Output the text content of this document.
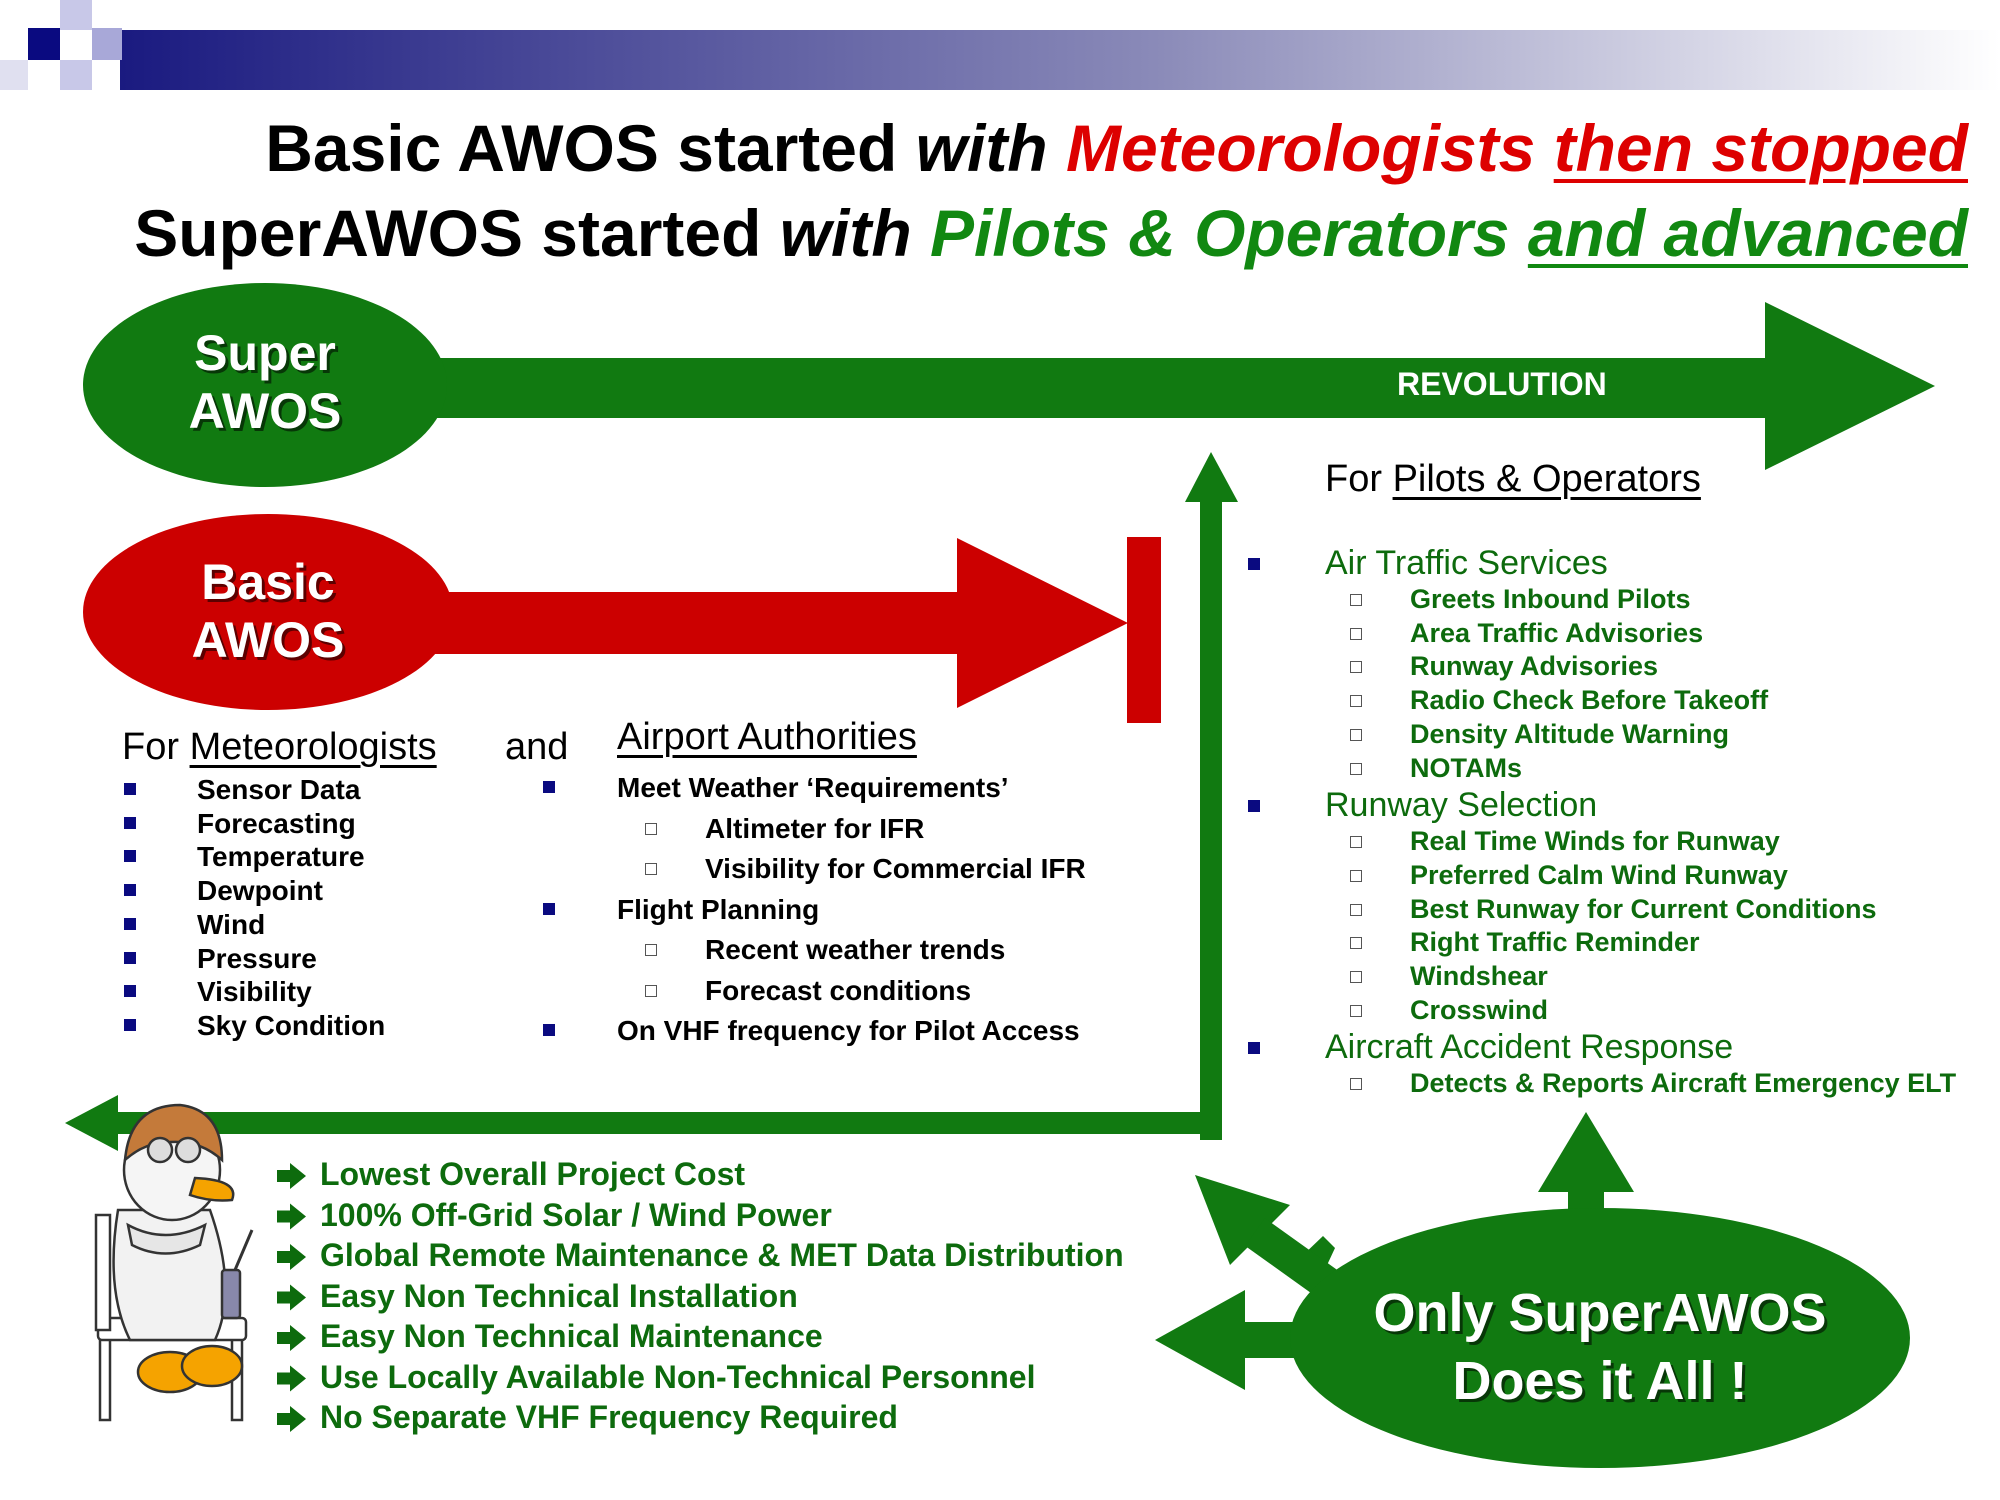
Basic AWOS started with Meteorologists then stopped
SuperAWOS started with Pilots & Operators and advanced
Super
AWOS	REVOLUTION
Basic
AWOS
For Meteorologists and
Sensor Data
Forecasting
Temperature
Dewpoint
Wind
Pressure
Visibility
Sky Condition
Airport Authorities
Meet Weather ‘Requirements’
Altimeter for IFR
Visibility for Commercial IFR
Flight Planning
Recent weather trends
Forecast conditions
On VHF frequency for Pilot Access
For Pilots & Operators
Air Traffic Services
Greets Inbound Pilots
Area Traffic Advisories
Runway Advisories
Radio Check Before Takeoff
Density Altitude Warning
NOTAMs
Runway Selection
Real Time Winds for Runway
Preferred Calm Wind Runway
Best Runway for Current Conditions
Right Traffic Reminder
Windshear
Crosswind
Aircraft Accident Response
Detects & Reports Aircraft Emergency ELT
Lowest Overall Project Cost
100% Off-Grid Solar / Wind Power
Global Remote Maintenance & MET Data Distribution
Easy Non Technical Installation
Easy Non Technical Maintenance
Use Locally Available Non-Technical Personnel
No Separate VHF Frequency Required
Only SuperAWOS
Does it All !
